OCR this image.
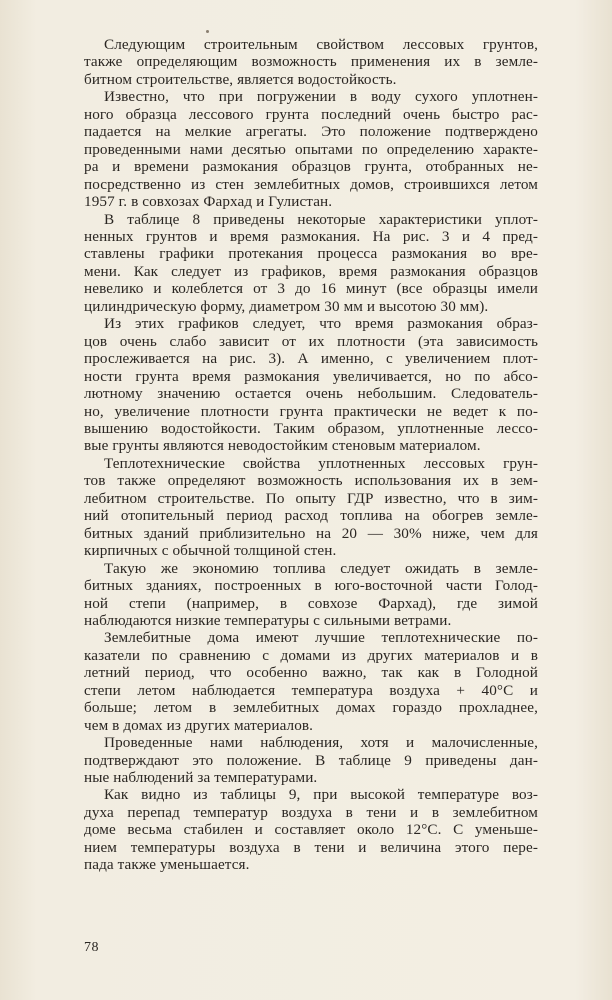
Следующим строительным свойством лессовых грунтов,
также определяющим возможность применения их в земле-
битном строительстве, является водостойкость.

Известно, что при погружении в воду сухого уплотнен-
ного образца лессового грунта последний очень быстро рас-
падается на мелкие агрегаты. Это положение подтверждено
проведенными нами десятью опытами по определению характе-
ра и времени размокания образцов грунта, отобранных не-
посредственно из стен землебитных домов, строившихся летом
1957 г. в совхозах Фархад и Гулистан.

В таблице 8 приведены некоторые характеристики уплот-
ненных грунтов и время размокания. На рис. 3 и 4 пред-
ставлены графики протекания процесса размокания во вре-
мени. Как следует из графиков, время размокания образцов
невелико и колеблется от 3 до 16 минут (все образцы имели
цилиндрическую форму, диаметром 30 мм и высотою 30 мм).

Из этих графиков следует, что время размокания образ-
цов очень слабо зависит от их плотности (эта зависимость
прослеживается на рис. 3). А именно, с увеличением плот-
ности грунта время размокания увеличивается, но по абсо-
лютному значению остается очень небольшим. Следователь-
но, увеличение плотности грунта практически не ведет к по-
вышению водостойкости. Таким образом, уплотненные лессо-
вые грунты являются неводостойким стеновым материалом.

Теплотехнические свойства уплотненных лессовых грун-
тов также определяют возможность использования их в зем-
лебитном строительстве. По опыту ГДР известно, что в зим-
ний отопительный период расход топлива на обогрев земле-
битных зданий приблизительно на 20 — 30% ниже, чем для
кирпичных с обычной толщиной стен.

Такую же экономию топлива следует ожидать в земле-
битных зданиях, построенных в юго-восточной части Голод-
ной степи (например, в совхозе Фархад), где зимой
наблюдаются низкие температуры с сильными ветрами.

Землебитные дома имеют лучшие теплотехнические по-
казатели по сравнению с домами из других материалов и в
летний период, что особенно важно, так как в Голодной
степи летом наблюдается температура воздуха + 40°С и
больше; летом в землебитных домах гораздо прохладнее,
чем в домах из других материалов.

Проведенные нами наблюдения, хотя и малочисленные,
подтверждают это положение. В таблице 9 приведены дан-
ные наблюдений за температурами.

Как видно из таблицы 9, при высокой температуре воз-
духа перепад температур воздуха в тени и в землебитном
доме весьма стабилен и составляет около 12°С. С уменьше-
нием температуры воздуха в тени и величина этого пере-
пада также уменьшается.

78
